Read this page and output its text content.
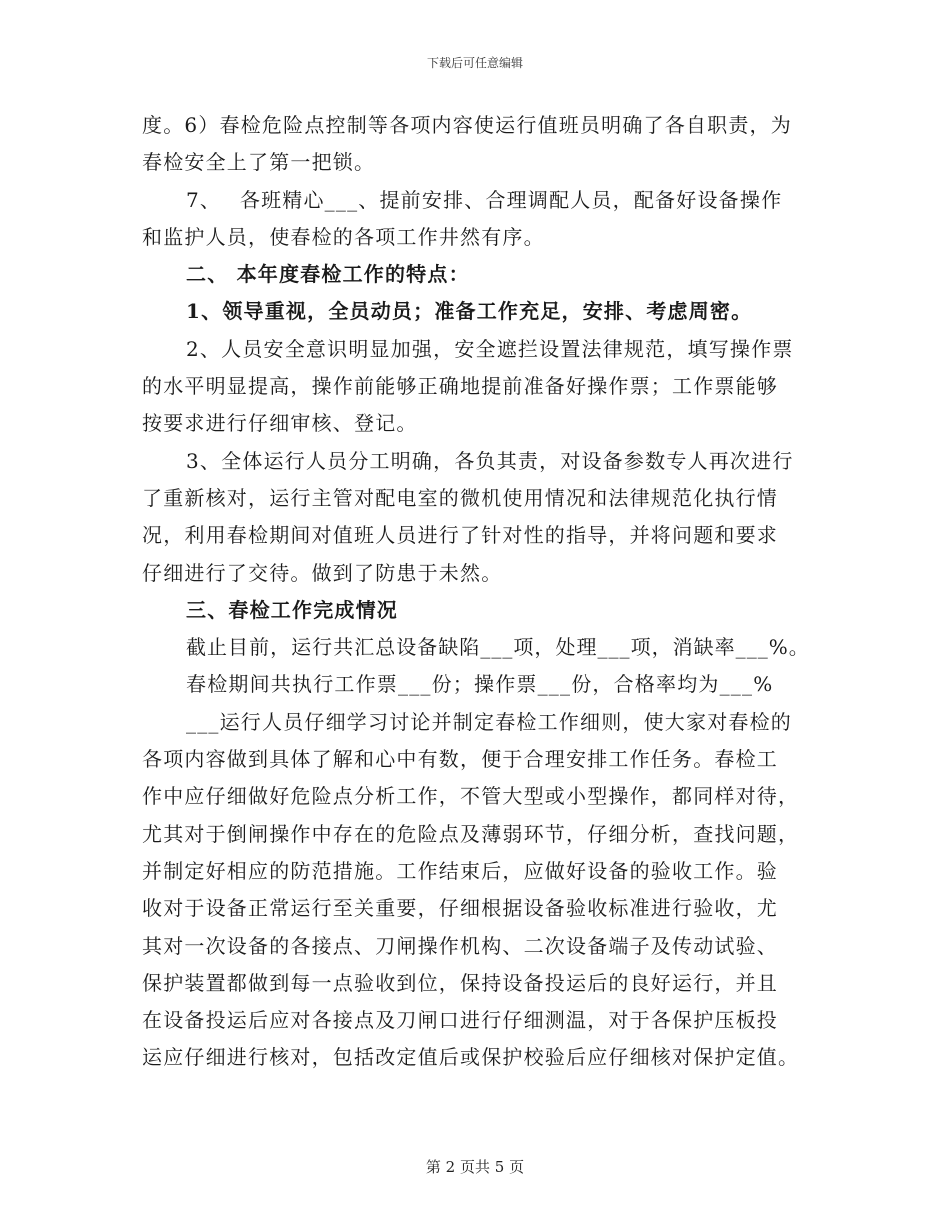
下载后可任意编辑

度。6）春检危险点控制等各项内容使运行值班员明确了各自职责，为

春检安全上了第一把锁。

7、　 各班精心___、提前安排、合理调配人员，配备好设备操作

和监护人员，使春检的各项工作井然有序。

二、 本年度春检工作的特点：

1、领导重视，全员动员；准备工作充足，安排、考虑周密。

2、人员安全意识明显加强，安全遮拦设置法律规范，填写操作票

的水平明显提高，操作前能够正确地提前准备好操作票；工作票能够

按要求进行仔细审核、登记。

3、全体运行人员分工明确，各负其责，对设备参数专人再次进行

了重新核对，运行主管对配电室的微机使用情况和法律规范化执行情

况，利用春检期间对值班人员进行了针对性的指导，并将问题和要求

仔细进行了交待。做到了防患于未然。

三、春检工作完成情况

截止目前，运行共汇总设备缺陷___项，处理___项，消缺率___%。

春检期间共执行工作票___份；操作票___份，合格率均为___%

___运行人员仔细学习讨论并制定春检工作细则，使大家对春检的

各项内容做到具体了解和心中有数，便于合理安排工作任务。春检工

作中应仔细做好危险点分析工作，不管大型或小型操作，都同样对待，

尤其对于倒闸操作中存在的危险点及薄弱环节，仔细分析，查找问题，

并制定好相应的防范措施。工作结束后，应做好设备的验收工作。验

收对于设备正常运行至关重要，仔细根据设备验收标准进行验收，尤

其对一次设备的各接点、刀闸操作机构、二次设备端子及传动试验、

保护装置都做到每一点验收到位，保持设备投运后的良好运行，并且

在设备投运后应对各接点及刀闸口进行仔细测温，对于各保护压板投

运应仔细进行核对，包括改定值后或保护校验后应仔细核对保护定值。

第 2 页共 5 页
